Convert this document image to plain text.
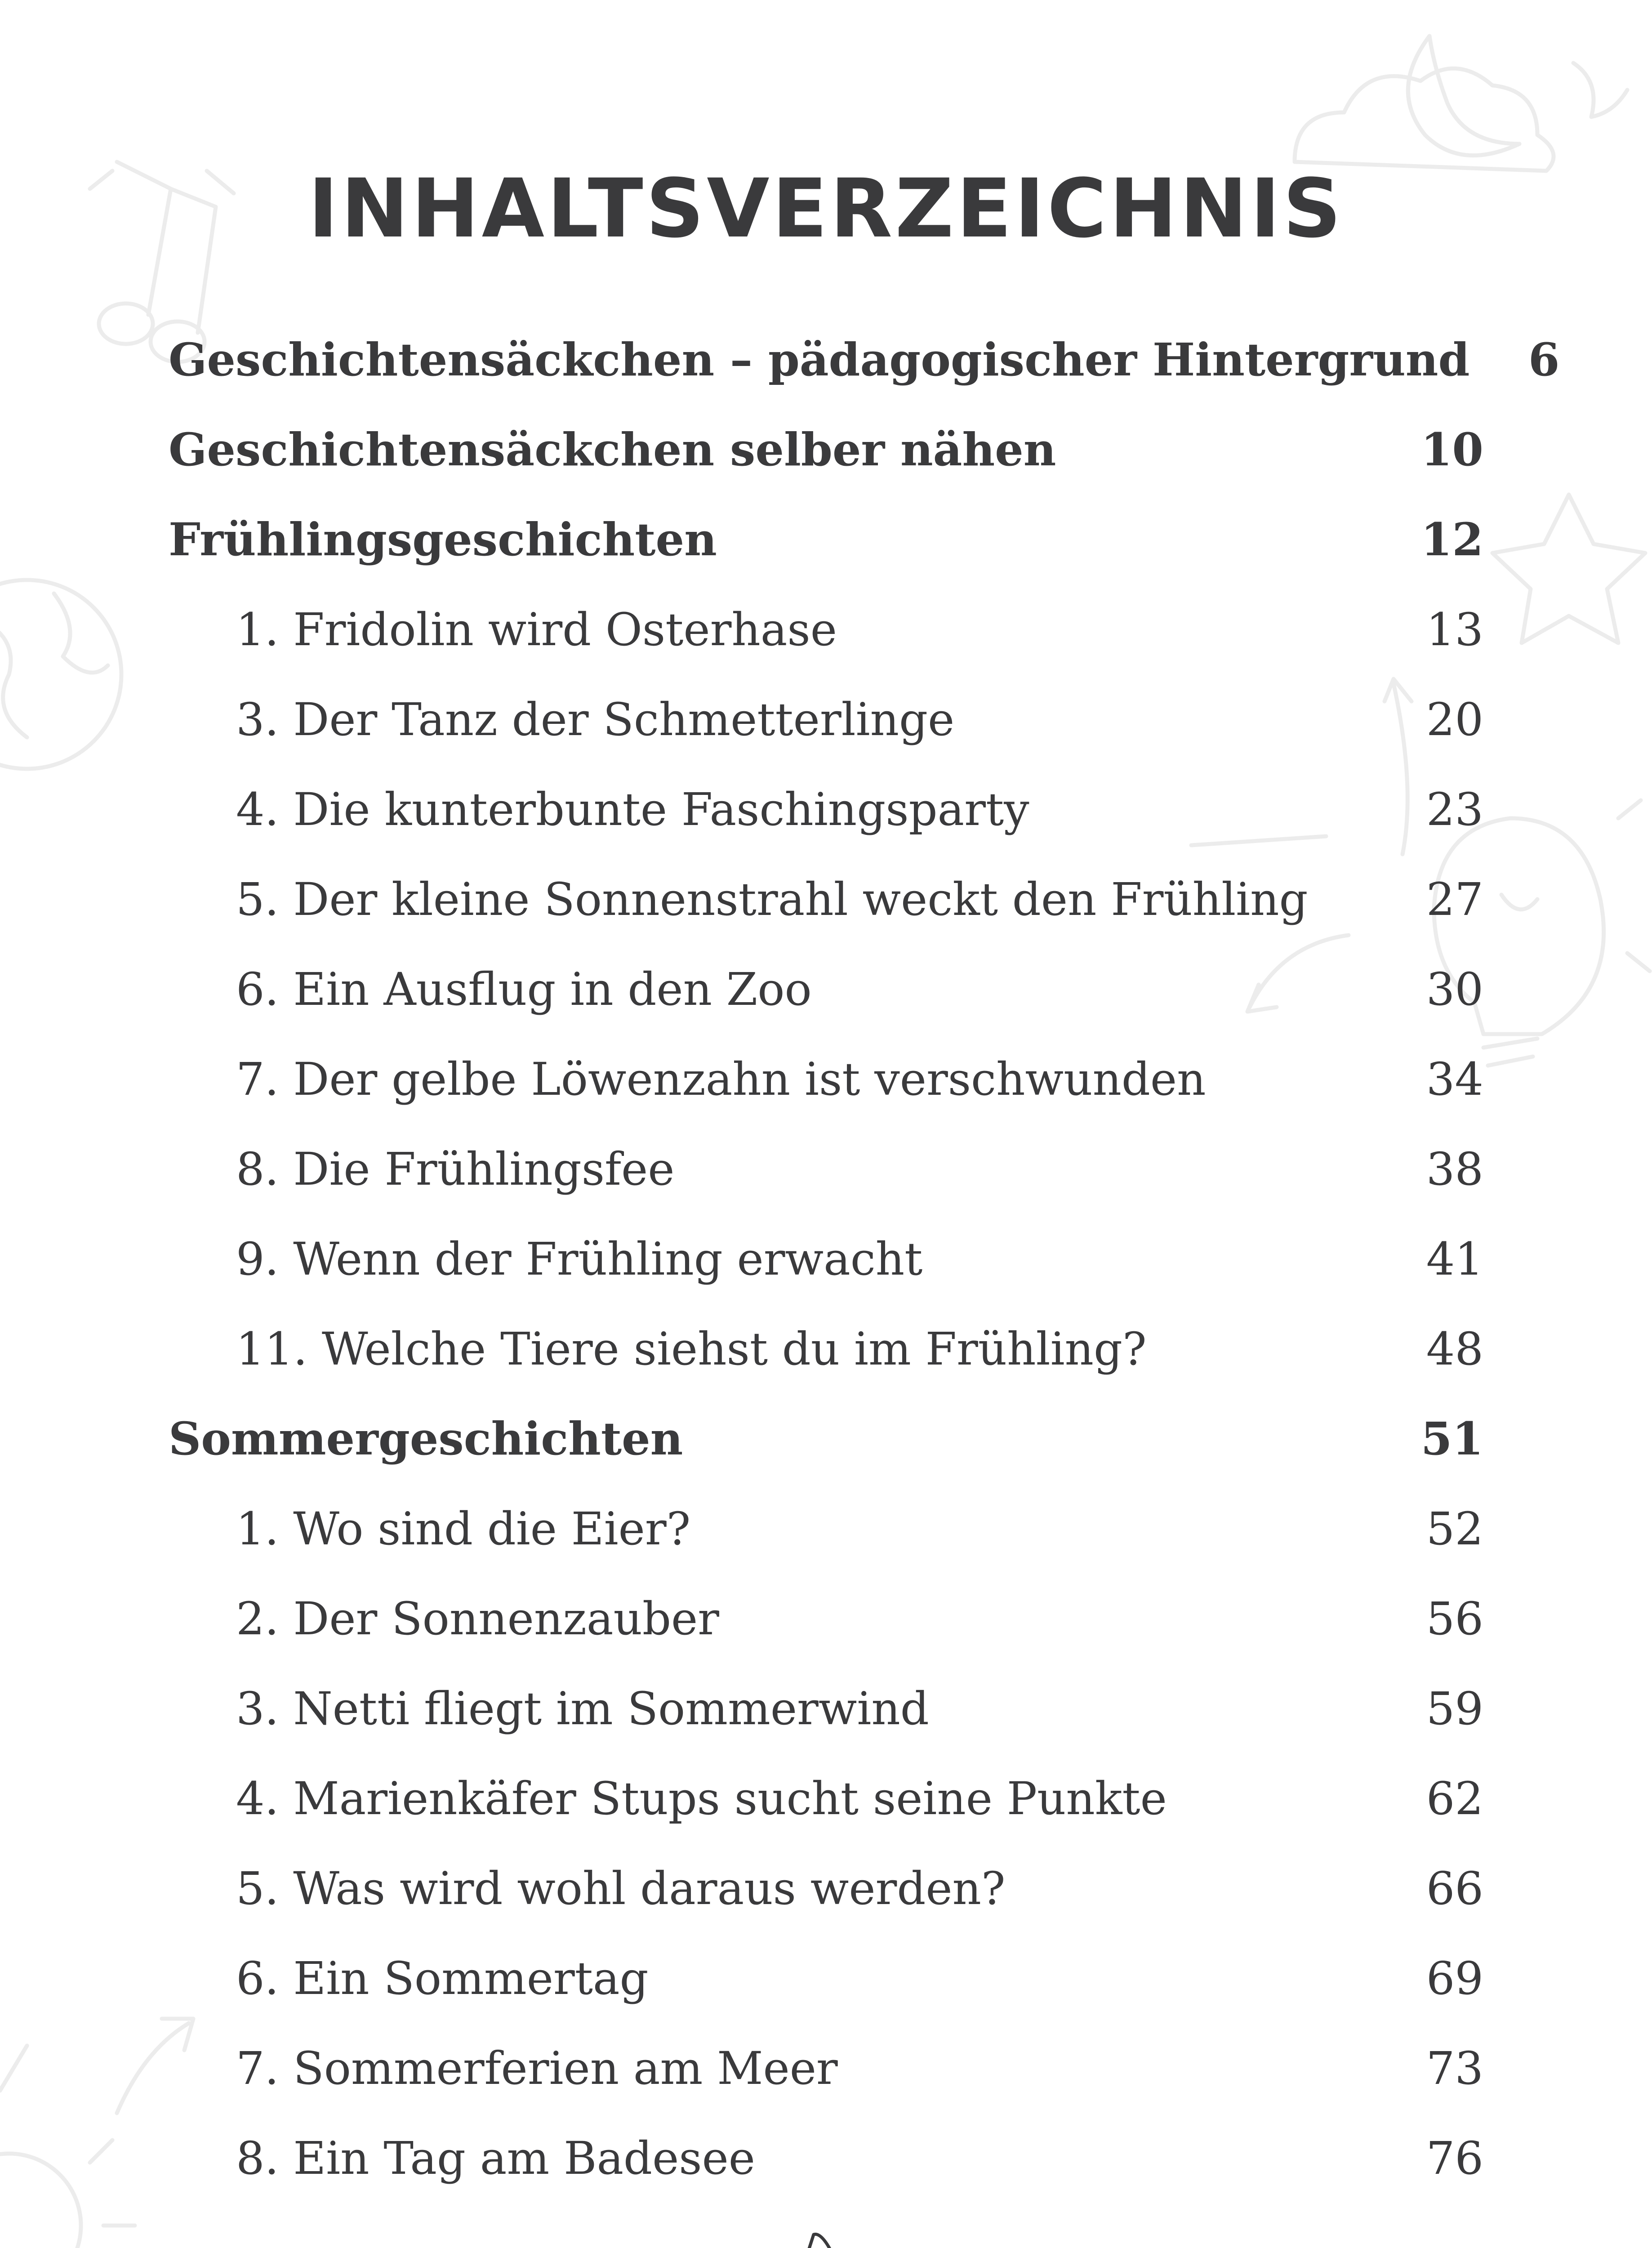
INHALTSVERZEICHNIS
Geschichtensäckchen – pädagogischer Hintergrund	6
Geschichtensäckchen selber nähen	10
Frühlingsgeschichten	12
1. Fridolin wird Osterhase	13
3. Der Tanz der Schmetterlinge	20
4. Die kunterbunte Faschingsparty	23
5. Der kleine Sonnenstrahl weckt den Frühling	27
6. Ein Ausflug in den Zoo	30
7. Der gelbe Löwenzahn ist verschwunden	34
8. Die Frühlingsfee	38
9. Wenn der Frühling erwacht	41
11. Welche Tiere siehst du im Frühling?	48
Sommergeschichten	51
1. Wo sind die Eier?	52
2. Der Sonnenzauber	56
3. Netti fliegt im Sommerwind	59
4. Marienkäfer Stups sucht seine Punkte	62
5. Was wird wohl daraus werden?	66
6. Ein Sommertag	69
7. Sommerferien am Meer	73
8. Ein Tag am Badesee	76
